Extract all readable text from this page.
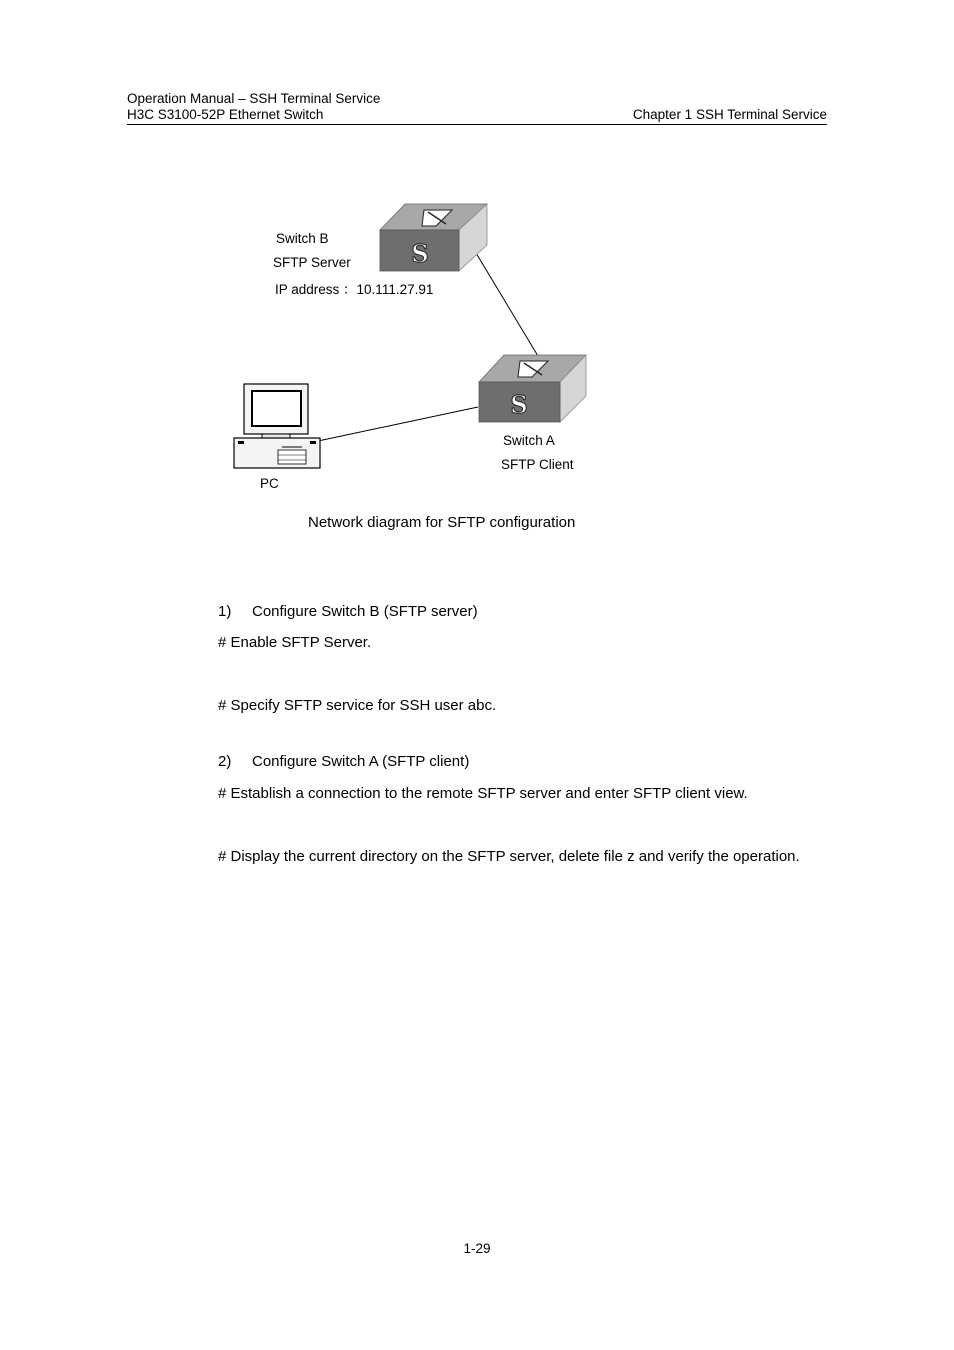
Operation Manual – SSH Terminal Service
H3C S3100-52P Ethernet Switch	Chapter 1 SSH Terminal Service
S
S
Switch B
SFTP Server
IP address ：10.111.27.91
Switch A
SFTP Client
PC
Network diagram for SFTP configuration
1) Configure Switch B (SFTP server)
# Enable SFTP Server.
# Specify SFTP service for SSH user abc.
2) Configure Switch A (SFTP client)
# Establish a connection to the remote SFTP server and enter SFTP client view.
# Display the current directory on the SFTP server, delete file z and verify the operation.
1-29
